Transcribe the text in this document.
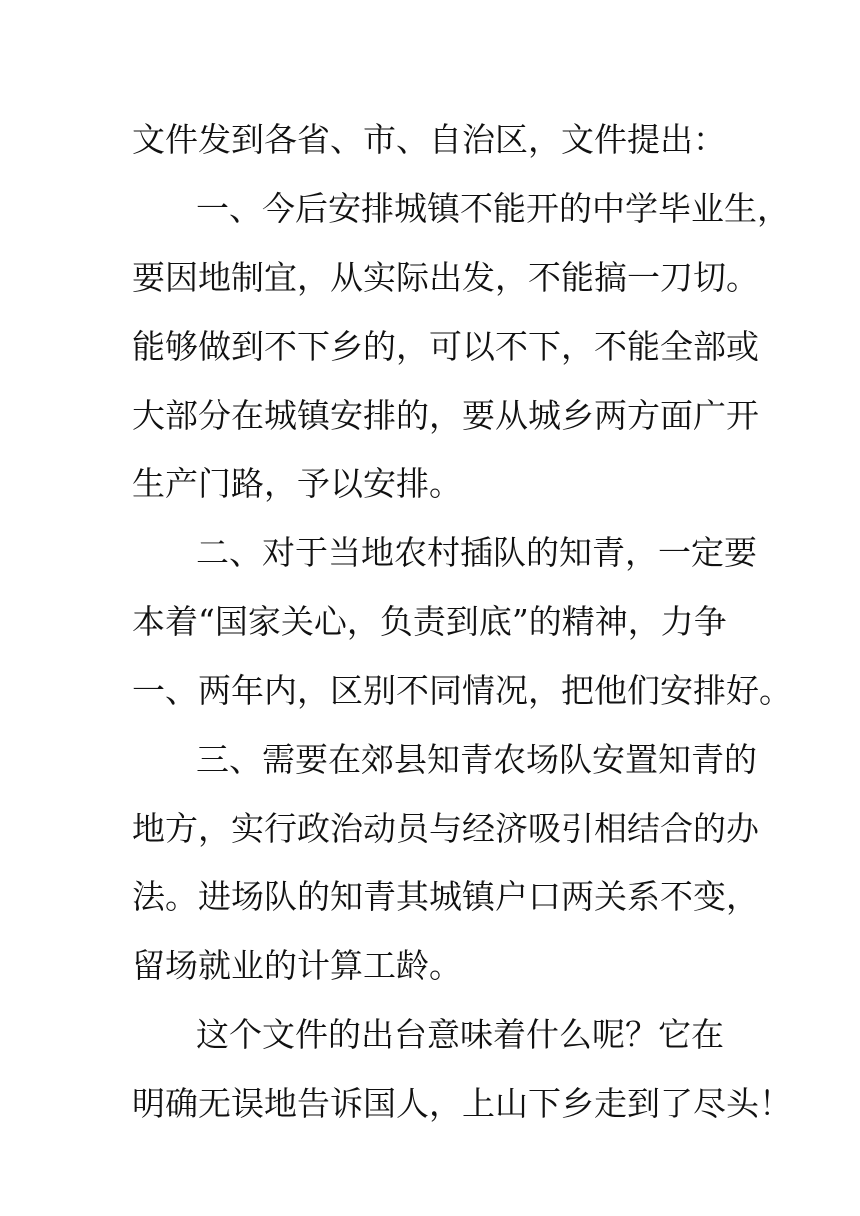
文件发到各省、市、自治区，文件提出：
一、今后安排城镇不能开的中学毕业生，
要因地制宜，从实际出发，不能搞一刀切。
能够做到不下乡的，可以不下，不能全部或
大部分在城镇安排的，要从城乡两方面广开
生产门路，予以安排。
二、对于当地农村插队的知青，一定要
本着“国家关心，负责到底”的精神，力争
一、两年内，区别不同情况，把他们安排好。
三、需要在郊县知青农场队安置知青的
地方，实行政治动员与经济吸引相结合的办
法。进场队的知青其城镇户口两关系不变，
留场就业的计算工龄。
这个文件的出台意味着什么呢？它在
明确无误地告诉国人，上山下乡走到了尽头！
